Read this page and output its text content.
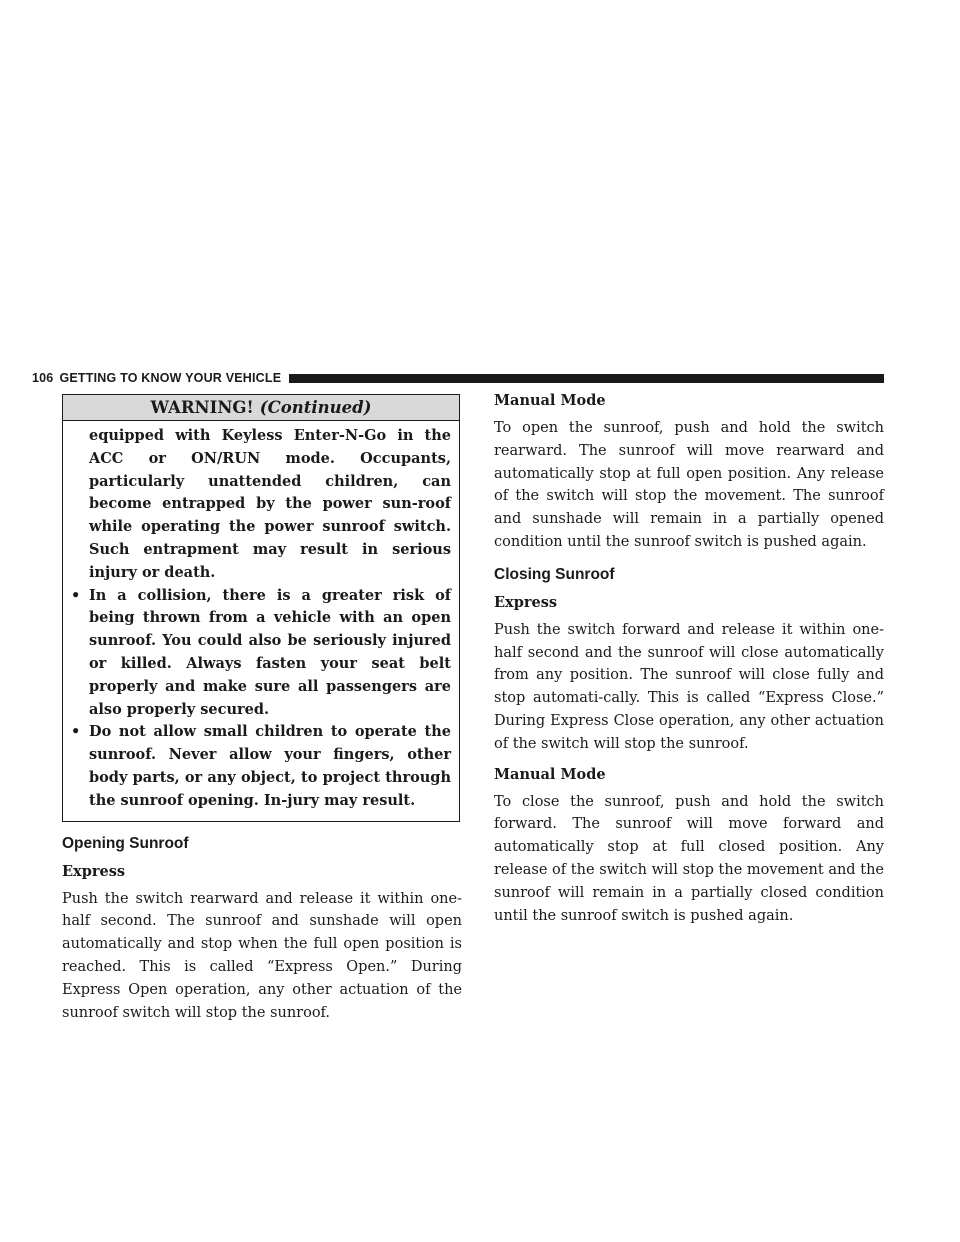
106 GETTING TO KNOW YOUR VEHICLE
WARNING! (Continued)

equipped with Keyless Enter-N-Go in the ACC or ON/RUN mode. Occupants, particularly unattended children, can become entrapped by the power sun-roof while operating the power sunroof switch. Such entrapment may result in serious injury or death.

• In a collision, there is a greater risk of being thrown from a vehicle with an open sunroof. You could also be seriously injured or killed. Always fasten your seat belt properly and make sure all passengers are also properly secured.
• Do not allow small children to operate the sunroof. Never allow your fingers, other body parts, or any object, to project through the sunroof opening. In-jury may result.
Opening Sunroof
Express

Push the switch rearward and release it within one-half second. The sunroof and sunshade will open automatically and stop when the full open position is reached. This is called “Express Open.” During Express Open operation, any other actuation of the sunroof switch will stop the sunroof.

Manual Mode

To open the sunroof, push and hold the switch rearward. The sunroof will move rearward and automatically stop at full open position. Any release of the switch will stop the movement. The sunroof and sunshade will remain in a partially opened condition until the sunroof switch is pushed again.

Closing Sunroof
Express

Push the switch forward and release it within one-half second and the sunroof will close automatically from any position. The sunroof will close fully and stop automati-cally. This is called “Express Close.” During Express Close operation, any other actuation of the switch will stop the sunroof.

Manual Mode

To close the sunroof, push and hold the switch forward. The sunroof will move forward and automatically stop at full closed position. Any release of the switch will stop the movement and the sunroof will remain in a partially closed condition until the sunroof switch is pushed again.
